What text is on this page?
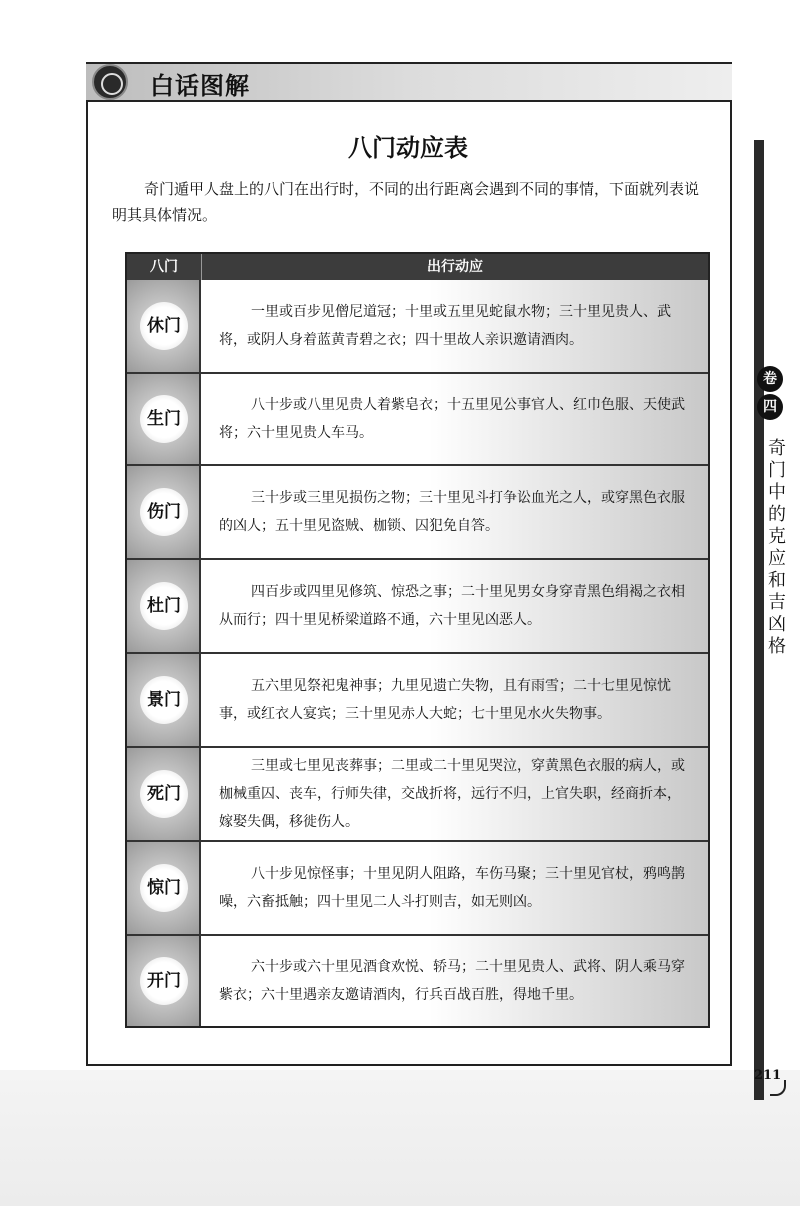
白话图解
八门动应表

奇门遁甲人盘上的八门在出行时，不同的出行距离会遇到不同的事情，下面就列表说明其具体情况。

八门	出行动应
休门

一里或百步见僧尼道冠；十里或五里见蛇鼠水物；三十里见贵人、武将，或阴人身着蓝黄青碧之衣；四十里故人亲识邀请酒肉。

生门

八十步或八里见贵人着紫皂衣；十五里见公事官人、红巾色服、天使武将；六十里见贵人车马。

伤门

三十步或三里见损伤之物；三十里见斗打争讼血光之人，或穿黑色衣服的凶人；五十里见盗贼、枷锁、囚犯免自答。

杜门

四百步或四里见修筑、惊恐之事；二十里见男女身穿青黑色绢褐之衣相从而行；四十里见桥梁道路不通，六十里见凶恶人。

景门

五六里见祭祀鬼神事；九里见遗亡失物，且有雨雪；二十七里见惊忧事，或红衣人宴宾；三十里见赤人大蛇；七十里见水火失物事。

死门

三里或七里见丧葬事；二里或二十里见哭泣，穿黄黑色衣服的病人，或枷械重囚、丧车，行师失律，交战折将，远行不归，上官失职，经商折本，嫁娶失偶，移徙伤人。

惊门

八十步见惊怪事；十里见阴人阻路，车伤马聚；三十里见官杖，鸦鸣鹊噪，六畜抵触；四十里见二人斗打则吉，如无则凶。

开门

六十步或六十里见酒食欢悦、轿马；二十里见贵人、武将、阴人乘马穿紫衣；六十里遇亲友邀请酒肉，行兵百战百胜，得地千里。

卷
四
奇门中的克应和吉凶格
211
